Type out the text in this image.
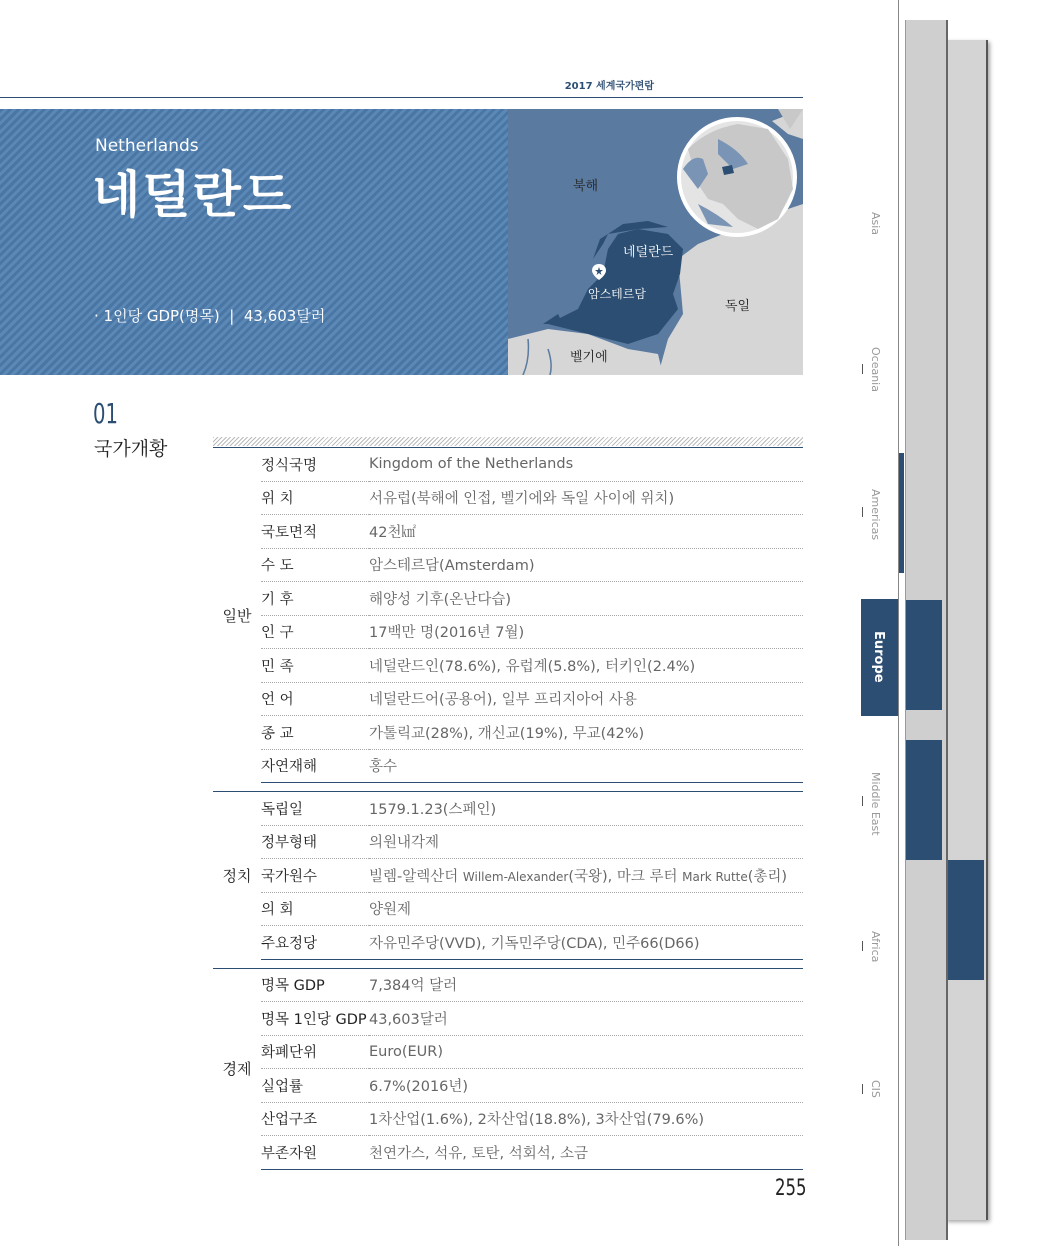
2017 세계국가편람
Netherlands
네덜란드

· 1인당 GDP(명목)  |  43,603달러

· 국민소득에 의한 분류  |  고소득국

· OECD 등급  |  -

· 공사신용등급  |  1/7

북해
네덜란드
암스테르담
독일
벨기에
01
국가개황
일반	정식국명	Kingdom of the Netherlands
	위 치	서유럽(북해에 인접, 벨기에와 독일 사이에 위치)
	국토면적	42천㎢
	수 도	암스테르담(Amsterdam)
	기 후	해양성 기후(온난다습)
	인 구	17백만 명(2016년 7월)
	민 족	네덜란드인(78.6%), 유럽계(5.8%), 터키인(2.4%)
	언 어	네덜란드어(공용어), 일부 프리지아어 사용
	종 교	가톨릭교(28%), 개신교(19%), 무교(42%)
	자연재해	홍수

정치	독립일	1579.1.23(스페인)
	정부형태	의원내각제
	국가원수	빌렘-알렉산더 Willem-Alexander(국왕), 마크 루터 Mark Rutte(총리)
	의 회	양원제
	주요정당	자유민주당(VVD), 기독민주당(CDA), 민주66(D66)

경제	명목 GDP	7,384억 달러
	명목 1인당 GDP	43,603달러
	화폐단위	Euro(EUR)
	실업률	6.7%(2016년)
	산업구조	1차산업(1.6%), 2차산업(18.8%), 3차산업(79.6%)
	부존자원	천연가스, 석유, 토탄, 석회석, 소금
255
Asia
Oceania
Americas
Europe
Middle East
Africa
CIS
